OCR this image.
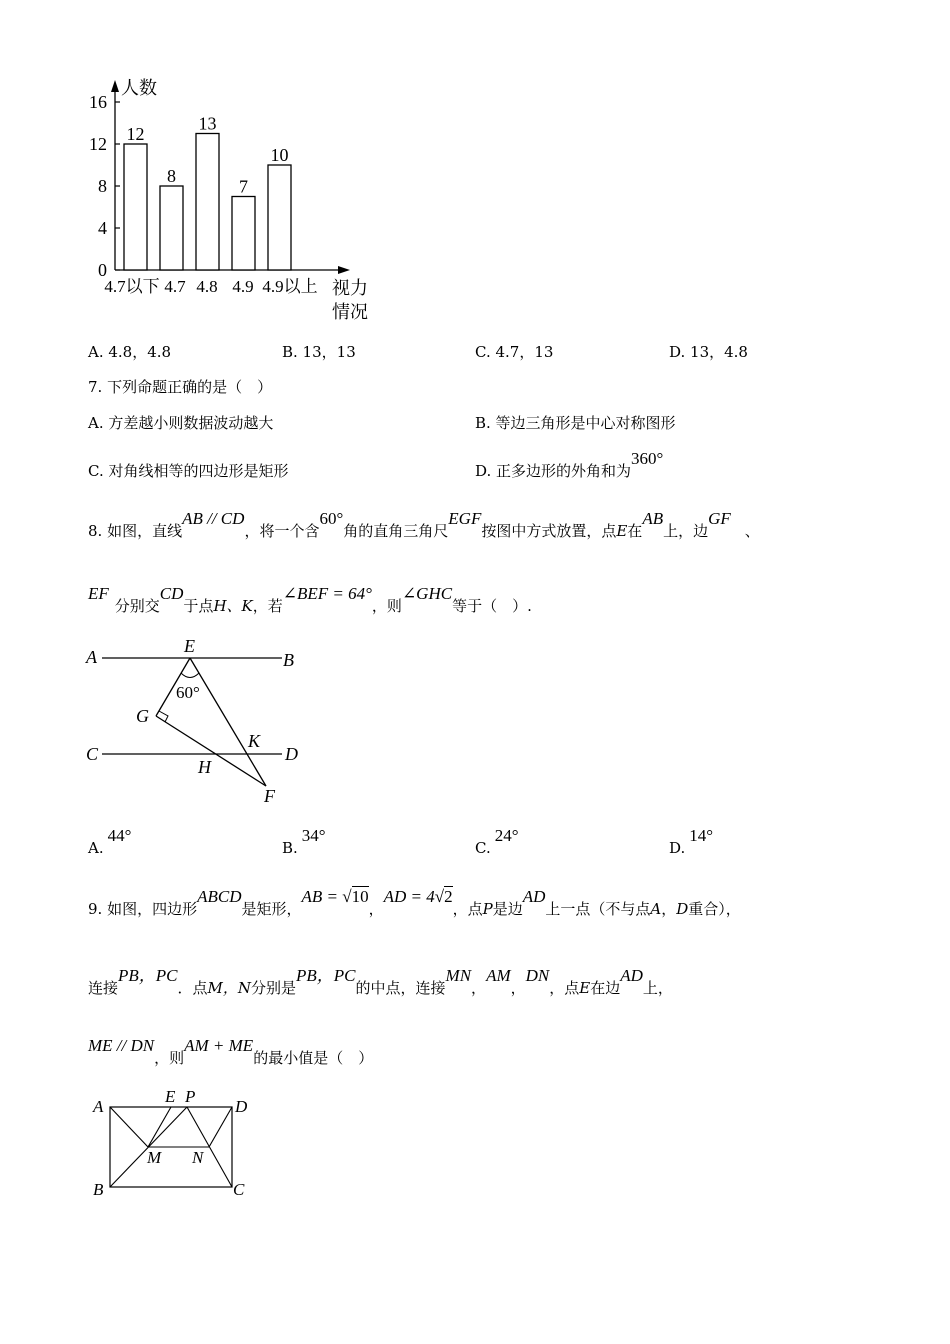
人数
视力
情况
0
4
8
12
16
12
8
13
7
10
4.7以下 4.7 4.8 4.9 4.9以上
A. 4.8，4.8	B. 13，13	C. 4.7，13	D. 13，4.8
7. 下列命题正确的是（　）
A. 方差越小则数据波动越大	B. 等边三角形是中心对称图形
C. 对角线相等的四边形是矩形	D. 正多边形的外角和为360°
8. 如图，直线AB // CD，将一个含60°角的直角三角尺EGF按图中方式放置，点E在AB上，边GF、
EF分别交CD于点H、K，若∠BEF = 64°，则∠GHC等于（　）.
A	B
E
G
C	D
K
H
F
60°
A.44°
B.34°
C.24°
D.14°
9. 如图，四边形ABCD是矩形，AB = √10，AD = 4√2，点P是边AD上一点（不与点A，D重合），
连接PB，PC．点M，N分别是PB，PC的中点，连接MN，AM，DN，点E在边AD上，
ME // DN，则AM + ME的最小值是（　）
A
E P
D
M N
B	C
